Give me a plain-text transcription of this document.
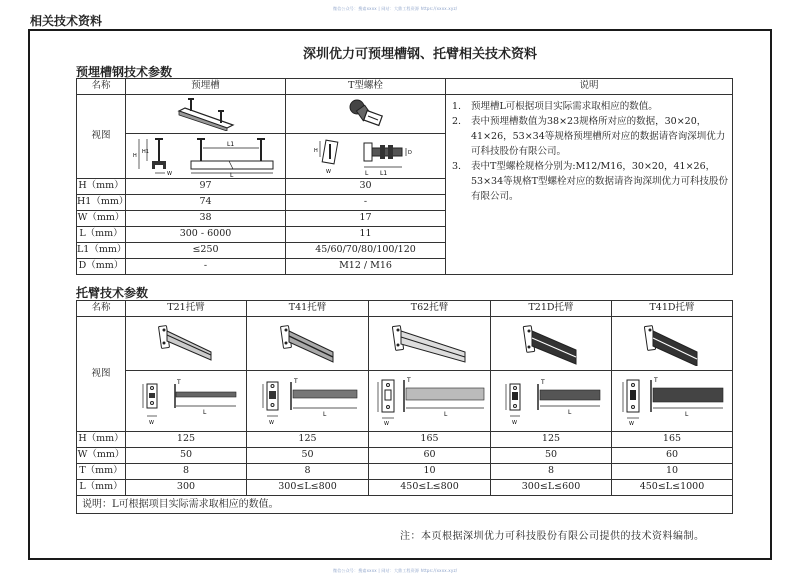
微信公众号：搜索xxxx | 网站：大鼎工程资源 https://xxxx.xyz/
相关技术资料
深圳优力可预埋槽钢、托臂相关技术资料
预埋槽钢技术参数
名称	预埋槽	T型螺栓	说明
视图	

1.	预埋槽L可根据项目实际需求取相应的数值。
2.	表中预埋槽数值为38×23规格所对应的数据，30×20，41×26，53×34等规格预埋槽所对应的数据请咨询深圳优力可科技股份有限公司。
3.	表中T型螺栓规格分别为:M12/M16，30×20，41×26，53×34等规格T型螺栓对应的数据请咨询深圳优力可科技股份有限公司。

H
H1
W
L1
L	H
W
D
L L1	

H（mm）	97	30	
H1（mm）	74	-	
W（mm）	38	17	
L（mm）	300 - 6000	11	
L1（mm）	≤250	45/60/70/80/100/120	
D（mm）	-	M12 / M16	
托臂技术参数
名称	T21托臂	T41托臂	T62托臂	T21D托臂	T41D托臂
视图	

W
T
L	W
T
L	W
T
L	W
T
L	W
T
L

H（mm）	125	125	165	125	165
W（mm）	50	50	60	50	60
T（mm）	8	8	10	8	10
L（mm）	300	300≤L≤800	450≤L≤800	300≤L≤600	450≤L≤1000
说明：L可根据项目实际需求取相应的数值。					
注：本页根据深圳优力可科技股份有限公司提供的技术资料编制。
微信公众号：搜索xxxx | 网站：大鼎工程资源 https://xxxx.xyz/
